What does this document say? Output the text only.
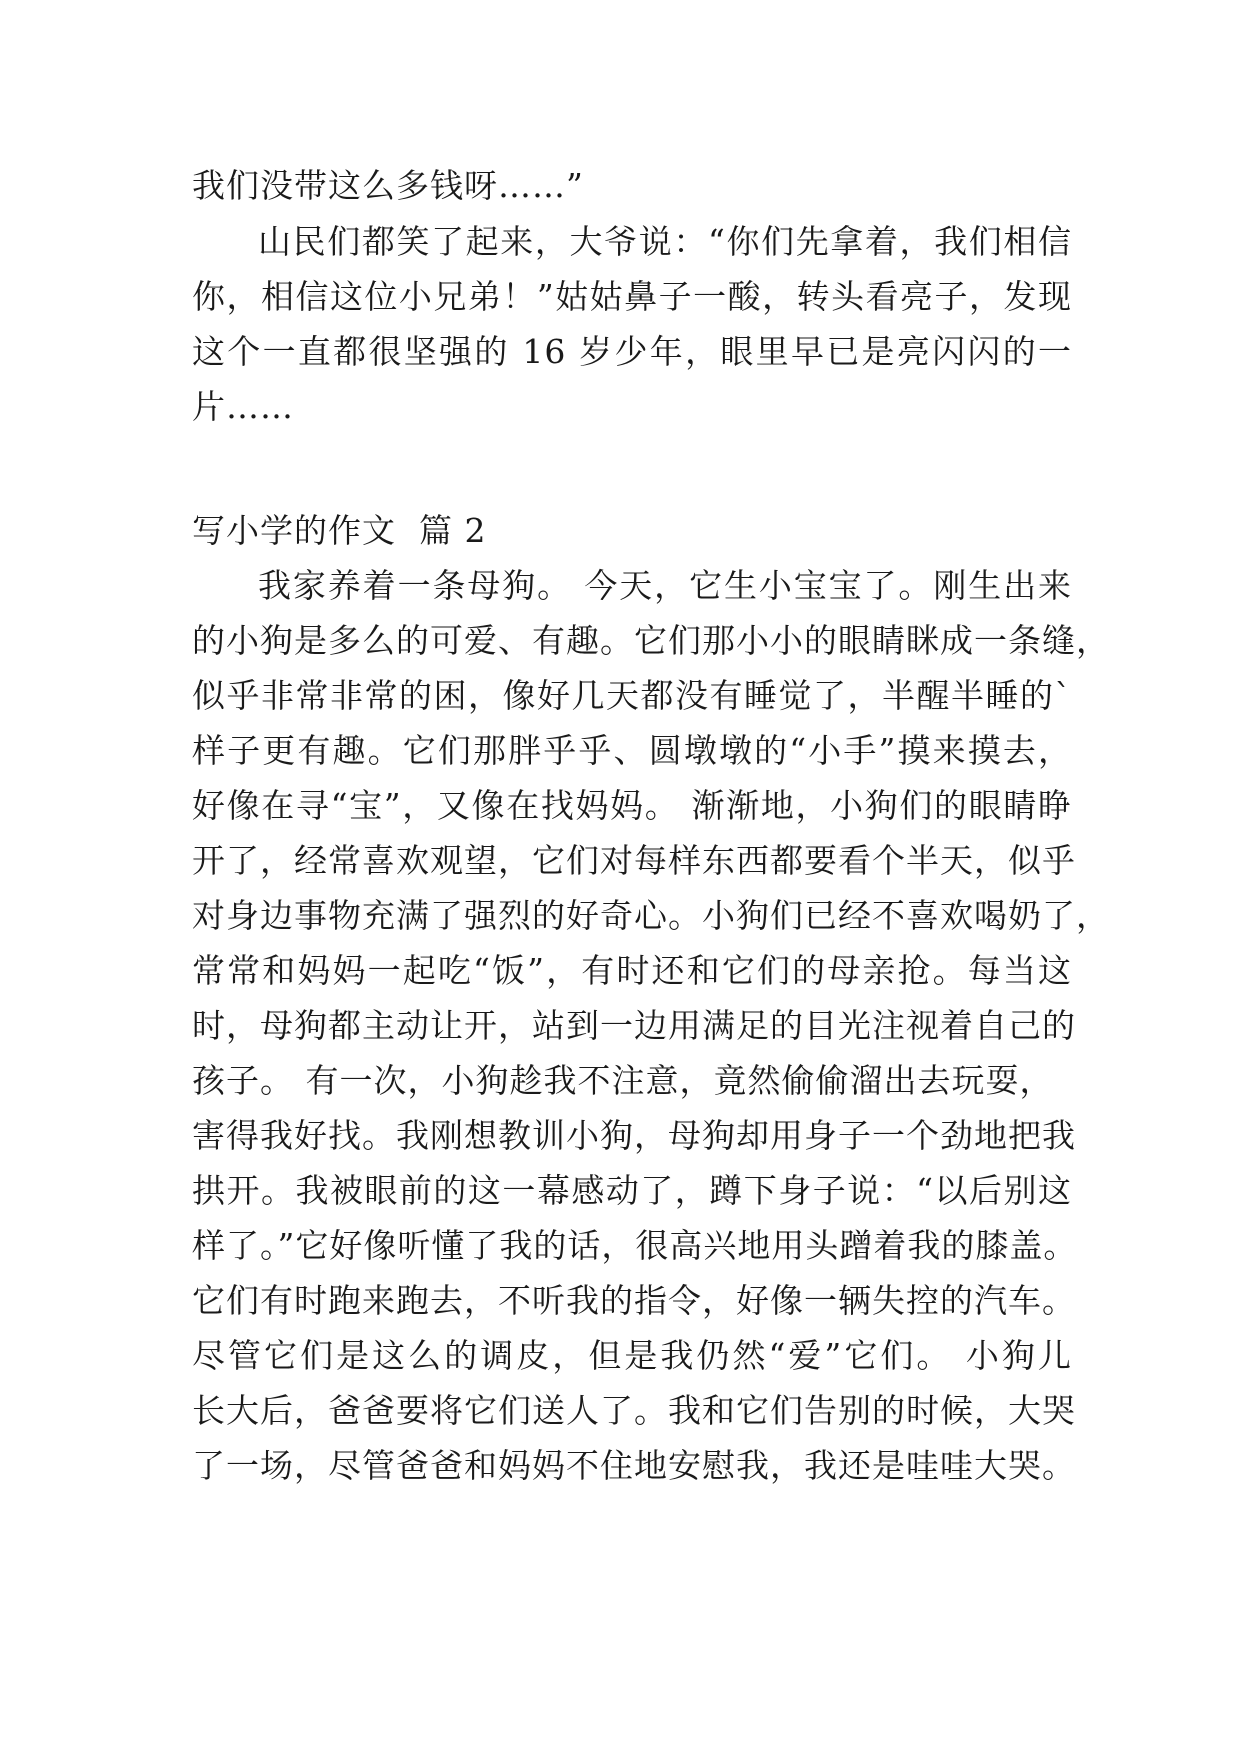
我们没带这么多钱呀……”
山民们都笑了起来，大爷说：“你们先拿着，我们相信
你，相信这位小兄弟！”姑姑鼻子一酸，转头看亮子，发现
这个一直都很坚强的 16 岁少年，眼里早已是亮闪闪的一
片……
写小学的作文  篇 2
我家养着一条母狗。 今天，它生小宝宝了。刚生出来
的小狗是多么的可爱、有趣。它们那小小的眼睛眯成一条缝，
似乎非常非常的困，像好几天都没有睡觉了，半醒半睡的`
样子更有趣。它们那胖乎乎、圆墩墩的“小手”摸来摸去，
好像在寻“宝”，又像在找妈妈。 渐渐地，小狗们的眼睛睁
开了，经常喜欢观望，它们对每样东西都要看个半天，似乎
对身边事物充满了强烈的好奇心。小狗们已经不喜欢喝奶了，
常常和妈妈一起吃“饭”，有时还和它们的母亲抢。每当这
时，母狗都主动让开，站到一边用满足的目光注视着自己的
孩子。 有一次，小狗趁我不注意，竟然偷偷溜出去玩耍，
害得我好找。我刚想教训小狗，母狗却用身子一个劲地把我
拱开。我被眼前的这一幕感动了，蹲下身子说：“以后别这
样了。”它好像听懂了我的话，很高兴地用头蹭着我的膝盖。
它们有时跑来跑去，不听我的指令，好像一辆失控的汽车。
尽管它们是这么的调皮，但是我仍然“爱”它们。 小狗儿
长大后，爸爸要将它们送人了。我和它们告别的时候，大哭
了一场，尽管爸爸和妈妈不住地安慰我，我还是哇哇大哭。
